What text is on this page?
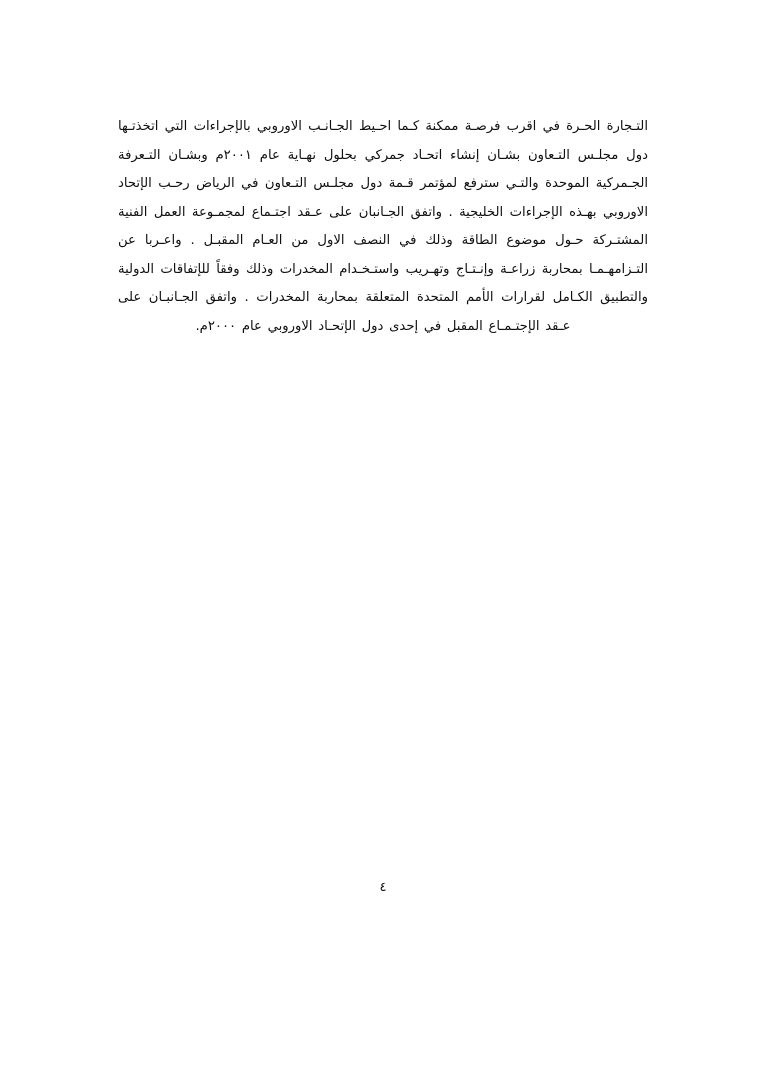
التـجارة الحـرة في اقرب فرصـة ممكنة كـما احـيط الجـانـب الاوروبي بالإجراءات التي اتخذتـها دول مجلـس التـعاون بشـان إنشاء اتحـاد جمركي بحلول نهـاية عام ٢٠٠١م وبشـان التـعرفة الجـمركية الموحدة والتـي سترفع لمؤتمر قـمة دول مجلـس التـعاون في الرياض رحـب الإتحاد الاوروبي بهـذه الإجراءات الخليجية . واتفق الجـانبان على عـقد اجتـماع لمجمـوعة العمل الفنية المشتـركة حـول موضوع الطاقة وذلك في النصف الاول من العـام المقبـل . واعـربا عن التـزامهـمـا بمحاربة زراعـة وإنـتـاج وتهـريب واستـخـدام المخدرات وذلك وفقاً للإتفاقات الدولية والتطبيق الكـامل لقرارات الأمم المتحدة المتعلقة بمحاربة المخدرات . واتفق الجـانبـان على عـقد الإجتـمـاع المقبل في إحدى دول الإتحـاد الاوروبي عام ٢٠٠٠م.

٤
